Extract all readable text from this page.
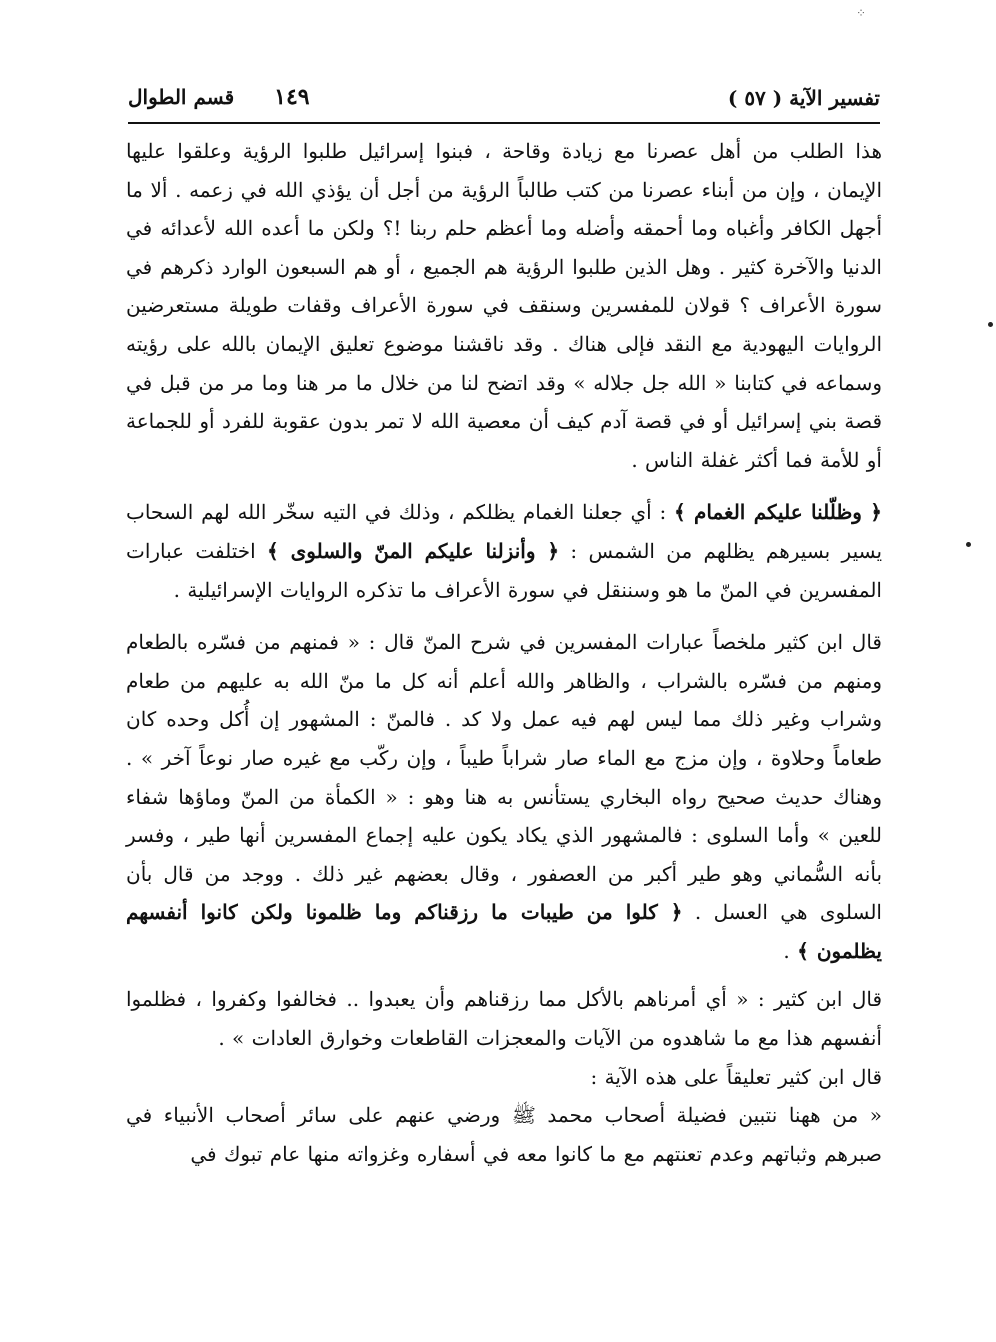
⁘
تفسير الآية ( ٥٧ )
قسم الطوال ١٤٩

هذا الطلب من أهل عصرنا مع زيادة وقاحة ، فبنوا إسرائيل طلبوا الرؤية وعلقوا عليها الإيمان ، وإن من أبناء عصرنا من كتب طالباً الرؤية من أجل أن يؤذي الله في زعمه . ألا ما أجهل الكافر وأغباه وما أحمقه وأضله وما أعظم حلم ربنا !؟ ولكن ما أعده الله لأعدائه في الدنيا والآخرة كثير . وهل الذين طلبوا الرؤية هم الجميع ، أو هم السبعون الوارد ذكرهم في سورة الأعراف ؟ قولان للمفسرين وسنقف في سورة الأعراف وقفات طويلة مستعرضين الروايات اليهودية مع النقد فإلى هناك . وقد ناقشنا موضوع تعليق الإيمان بالله على رؤيته وسماعه في كتابنا « الله جل جلاله » وقد اتضح لنا من خلال ما مر هنا وما مر من قبل في قصة بني إسرائيل أو في قصة آدم كيف أن معصية الله لا تمر بدون عقوبة للفرد أو للجماعة أو للأمة فما أكثر غفلة الناس .

﴿ وظلّلنا عليكم الغمام ﴾ : أي جعلنا الغمام يظلكم ، وذلك في التيه سخّر الله لهم السحاب يسير بسيرهم يظلهم من الشمس : ﴿ وأنزلنا عليكم المنّ والسلوى ﴾ اختلفت عبارات المفسرين في المنّ ما هو وسننقل في سورة الأعراف ما تذكره الروايات الإسرائيلية .

قال ابن كثير ملخصاً عبارات المفسرين في شرح المنّ قال : « فمنهم من فسّره بالطعام ومنهم من فسّره بالشراب ، والظاهر والله أعلم أنه كل ما منّ الله به عليهم من طعام وشراب وغير ذلك مما ليس لهم فيه عمل ولا كد . فالمنّ : المشهور إن أُكل وحده كان طعاماً وحلاوة ، وإن مزج مع الماء صار شراباً طيباً ، وإن ركّب مع غيره صار نوعاً آخر » . وهناك حديث صحيح رواه البخاري يستأنس به هنا وهو : « الكمأة من المنّ وماؤها شفاء للعين » وأما السلوى : فالمشهور الذي يكاد يكون عليه إجماع المفسرين أنها طير ، وفسر بأنه السُّماني وهو طير أكبر من العصفور ، وقال بعضهم غير ذلك . ووجد من قال بأن السلوى هي العسل . ﴿ كلوا من طيبات ما رزقناكم وما ظلمونا ولكن كانوا أنفسهم يظلمون ﴾ .

قال ابن كثير : « أي أمرناهم بالأكل مما رزقناهم وأن يعبدوا .. فخالفوا وكفروا ، فظلموا أنفسهم هذا مع ما شاهدوه من الآيات والمعجزات القاطعات وخوارق العادات » .

قال ابن كثير تعليقاً على هذه الآية :

« من ههنا نتبين فضيلة أصحاب محمد ﷺ ورضي عنهم على سائر أصحاب الأنبياء في صبرهم وثباتهم وعدم تعنتهم مع ما كانوا معه في أسفاره وغزواته منها عام تبوك في
